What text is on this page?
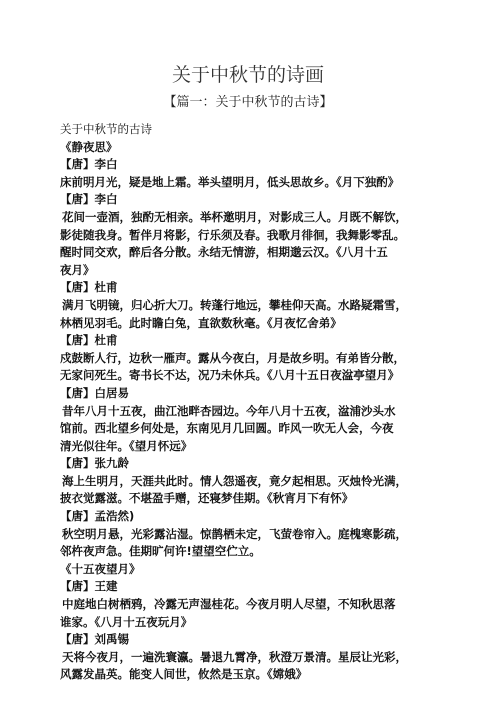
关于中秋节的诗画
【篇一：关于中秋节的古诗】
关于中秋节的古诗
《静夜思》
【唐】李白
床前明月光，疑是地上霜。举头望明月，低头思故乡。《月下独酌》
【唐】李白
花间一壶酒，独酌无相亲。举杯邀明月，对影成三人。月既不解饮，
影徒随我身。暂伴月将影，行乐须及春。我歌月徘徊，我舞影零乱。
醒时同交欢，醉后各分散。永结无情游，相期邈云汉。《八月十五
夜月》
【唐】杜甫
满月飞明镜，归心折大刀。转蓬行地远，攀桂仰天高。水路疑霜雪，
林栖见羽毛。此时瞻白兔，直欲数秋毫。《月夜忆舍弟》
【唐】杜甫
戍鼓断人行，边秋一雁声。露从今夜白，月是故乡明。有弟皆分散，
无家问死生。寄书长不达，况乃未休兵。《八月十五日夜湓亭望月》
【唐】白居易
昔年八月十五夜，曲江池畔杏园边。今年八月十五夜，湓浦沙头水
馆前。西北望乡何处是，东南见月几回圆。昨风一吹无人会，今夜
清光似往年。《望月怀远》
【唐】张九龄
海上生明月，天涯共此时。情人怨遥夜，竟夕起相思。灭烛怜光满，
披衣觉露滋。不堪盈手赠，还寝梦佳期。《秋宵月下有怀》
【唐】孟浩然)
秋空明月悬，光彩露沾湿。惊鹊栖未定，飞萤卷帘入。庭槐寒影疏，
邻杵夜声急。佳期旷何许!望望空伫立。
《十五夜望月》
【唐】王建
中庭地白树栖鸦，冷露无声湿桂花。今夜月明人尽望，不知秋思落
谁家。《八月十五夜玩月》
【唐】刘禹锡
天将今夜月，一遍洗寰瀛。暑退九霄净，秋澄万景清。星辰让光彩，
风露发晶英。能变人间世，攸然是玉京。《嫦娥》
